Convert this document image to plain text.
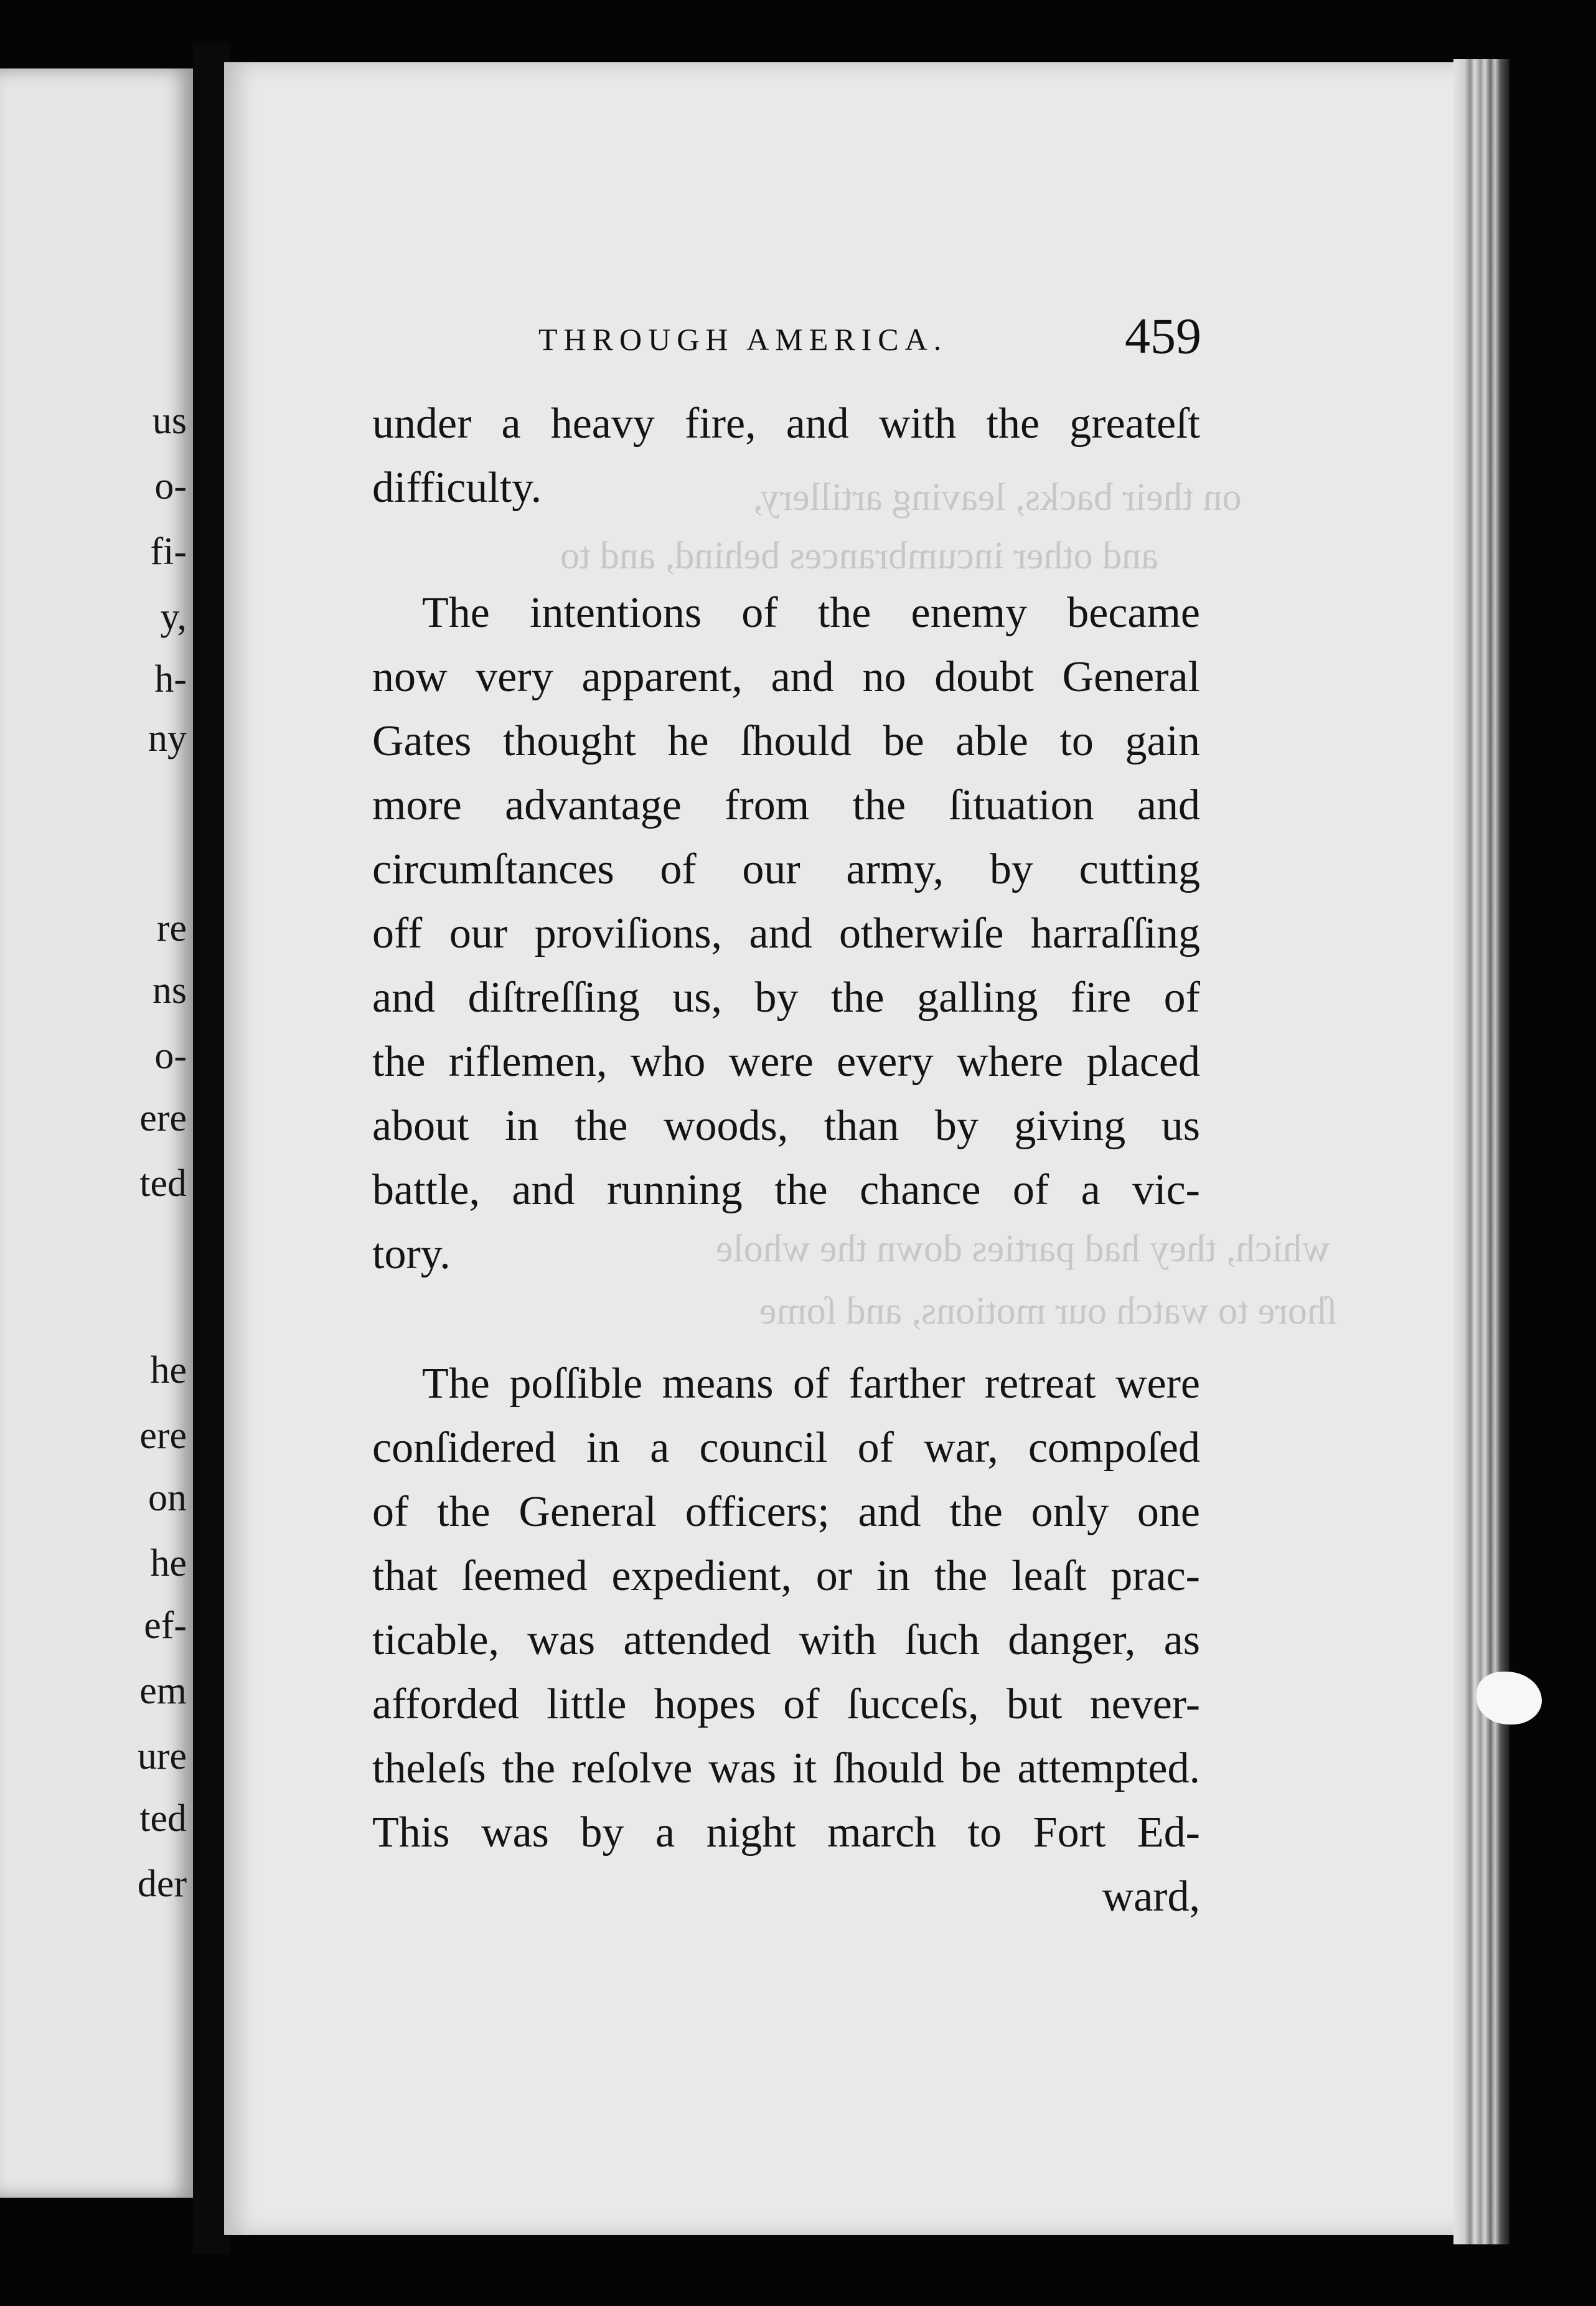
us
o-
fi-
y,
h-
ny
re
ns
o-
ere
ted
he
ere
on
he
ef-
em
ure
ted
der
on their backs, leaving artillery,
and other incumbrances behind, and to
which, they had parties down the whole
ſhore to watch our motions, and ſome
THROUGH AMERICA.	459
under a heavy fire, and with the greateſt
difficulty.
The intentions of the enemy became
now very apparent, and no doubt General
Gates thought he ſhould be able to gain
more advantage from the ſituation and
circumſtances of our army, by cutting
off our proviſions, and otherwiſe harraſſing
and diſtreſſing us, by the galling fire of
the riflemen, who were every where placed
about in the woods, than by giving us
battle, and running the chance of a vic-
tory.
The poſſible means of farther retreat were
conſidered in a council of war, compoſed
of the General officers; and the only one
that ſeemed expedient, or in the leaſt prac-
ticable, was attended with ſuch danger, as
afforded little hopes of ſucceſs, but never-
theleſs the reſolve was it ſhould be attempted.
This was by a night march to Fort Ed-
ward,
